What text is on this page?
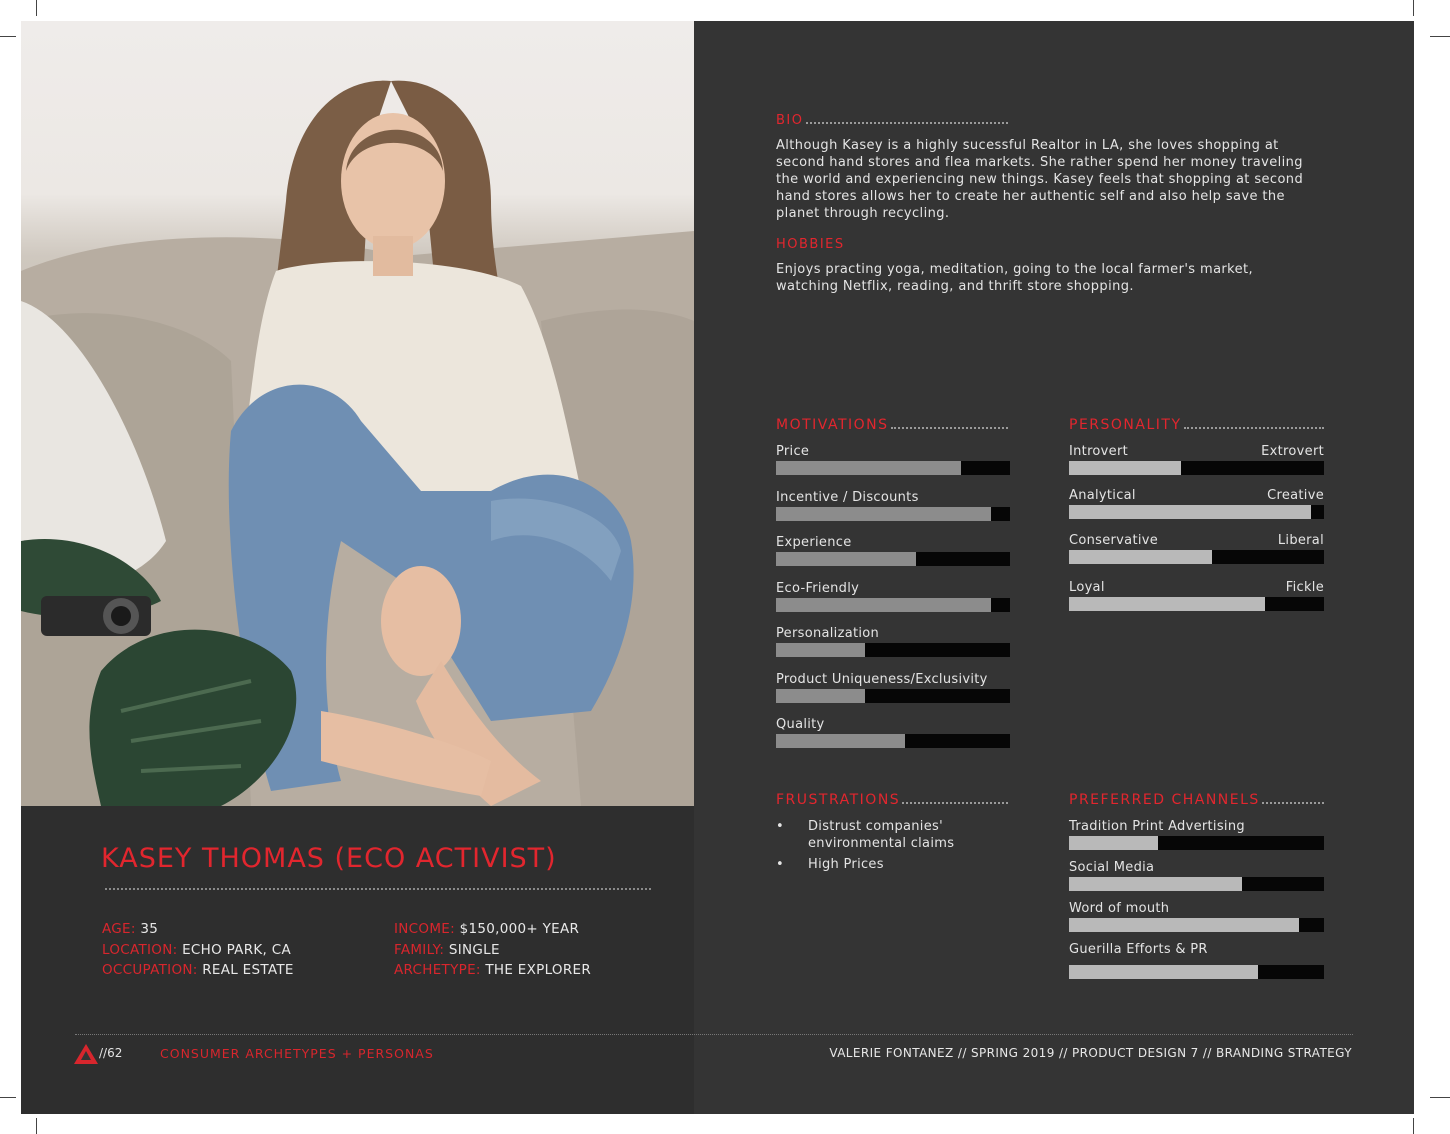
KASEY THOMAS (ECO ACTIVIST)
AGE: 35
LOCATION: ECHO PARK, CA
OCCUPATION: REAL ESTATE
INCOME: $150,000+ YEAR
FAMILY: SINGLE
ARCHETYPE: THE EXPLORER
BIO
Although Kasey is a highly sucessful Realtor in LA, she loves shopping at second hand stores and flea markets. She rather spend her money traveling the world and experiencing new things. Kasey feels that shopping at second hand stores allows her to create her authentic self and also help save the planet through recycling.
HOBBIES
Enjoys practing yoga, meditation, going to the local farmer's market, watching Netflix, reading, and thrift store shopping.
MOTIVATIONS
Price
Incentive / Discounts
Experience
Eco-Friendly
Personalization
Product Uniqueness/Exclusivity
Quality
PERSONALITY
Introvert	Extrovert
Analytical	Creative
Conservative	Liberal
Loyal	Fickle
FRUSTRATIONS
• Distrust companies' environmental claims
• High Prices
PREFERRED CHANNELS
Tradition Print Advertising
Social Media
Word of mouth
Guerilla Efforts & PR
//62	CONSUMER ARCHETYPES + PERSONAS	VALERIE FONTANEZ // SPRING 2019 // PRODUCT DESIGN 7 // BRANDING STRATEGY
